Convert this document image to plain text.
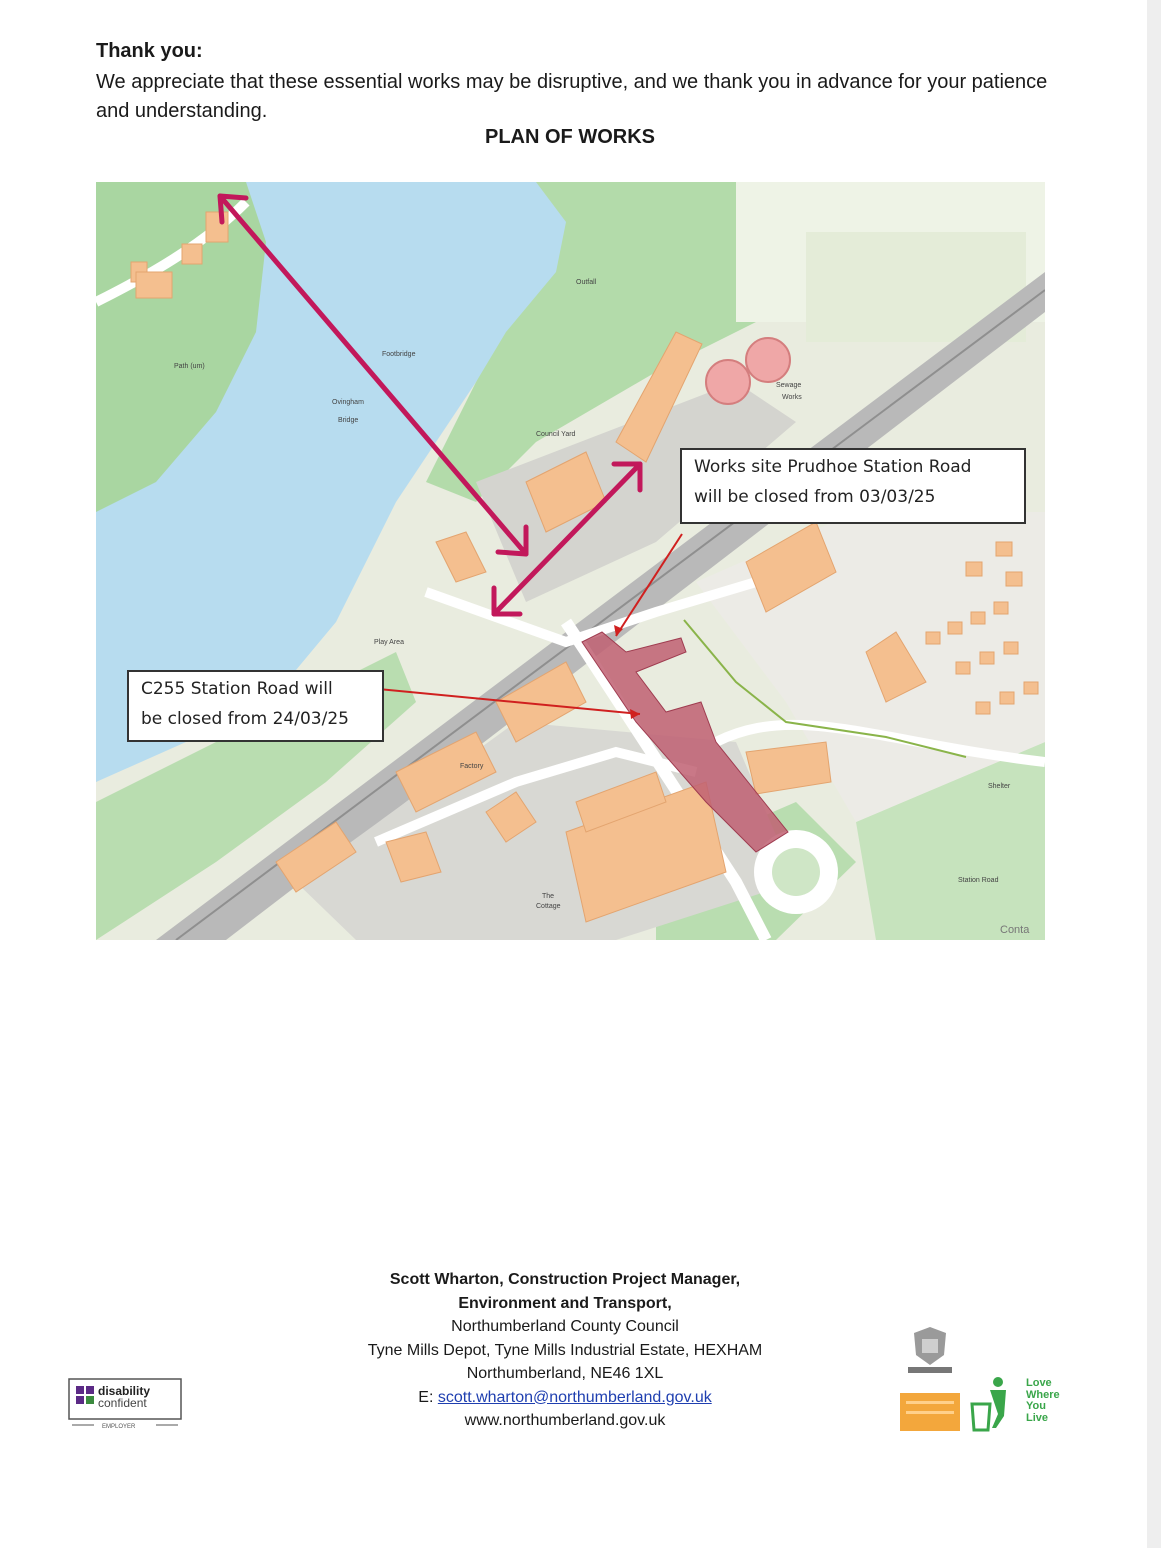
Thank you:
We appreciate that these essential works may be disruptive, and we thank you in advance for your patience and understanding.
PLAN OF WORKS
Footbridge
Ovingham
Bridge
Sewage
Works
Outfall
Play Area
Factory
Station Road
The
Cottage
Shelter
Council Yard
Path (um)
Works site Prudhoe Station Road
will be closed from 03/03/25
C255 Station Road will
be closed from 24/03/25
Conta
Scott Wharton, Construction Project Manager,
Environment and Transport,
Northumberland County Council
Tyne Mills Depot, Tyne Mills Industrial Estate, HEXHAM
Northumberland, NE46 1XL
E: scott.wharton@northumberland.gov.uk
www.northumberland.gov.uk
disability
confident
EMPLOYER
Love
Where
You
Live
